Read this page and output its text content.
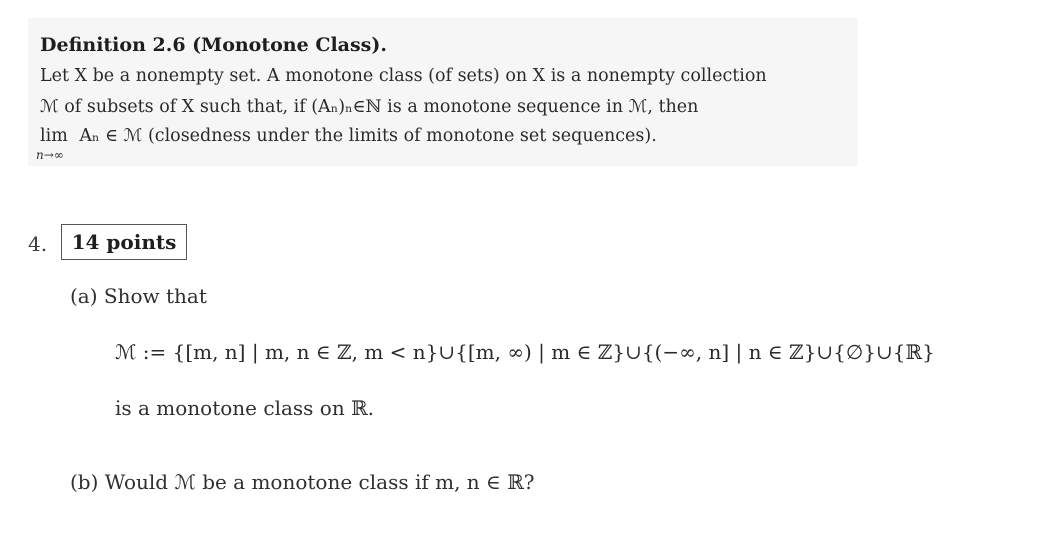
Definition 2.6 (Monotone Class).
Let X be a nonempty set. A monotone class (of sets) on X is a nonempty collection
ℳ of subsets of X such that, if (Aₙ)ₙ∈ℕ is a monotone sequence in ℳ, then
lim
n→∞
Aₙ ∈ ℳ (closedness under the limits of monotone set sequences).
4.	14 points
(a) Show that
ℳ := {[m, n] | m, n ∈ ℤ, m < n}∪{[m, ∞) | m ∈ ℤ}∪{(−∞, n] | n ∈ ℤ}∪{∅}∪{ℝ}
is a monotone class on ℝ.
(b) Would ℳ be a monotone class if m, n ∈ ℝ?
